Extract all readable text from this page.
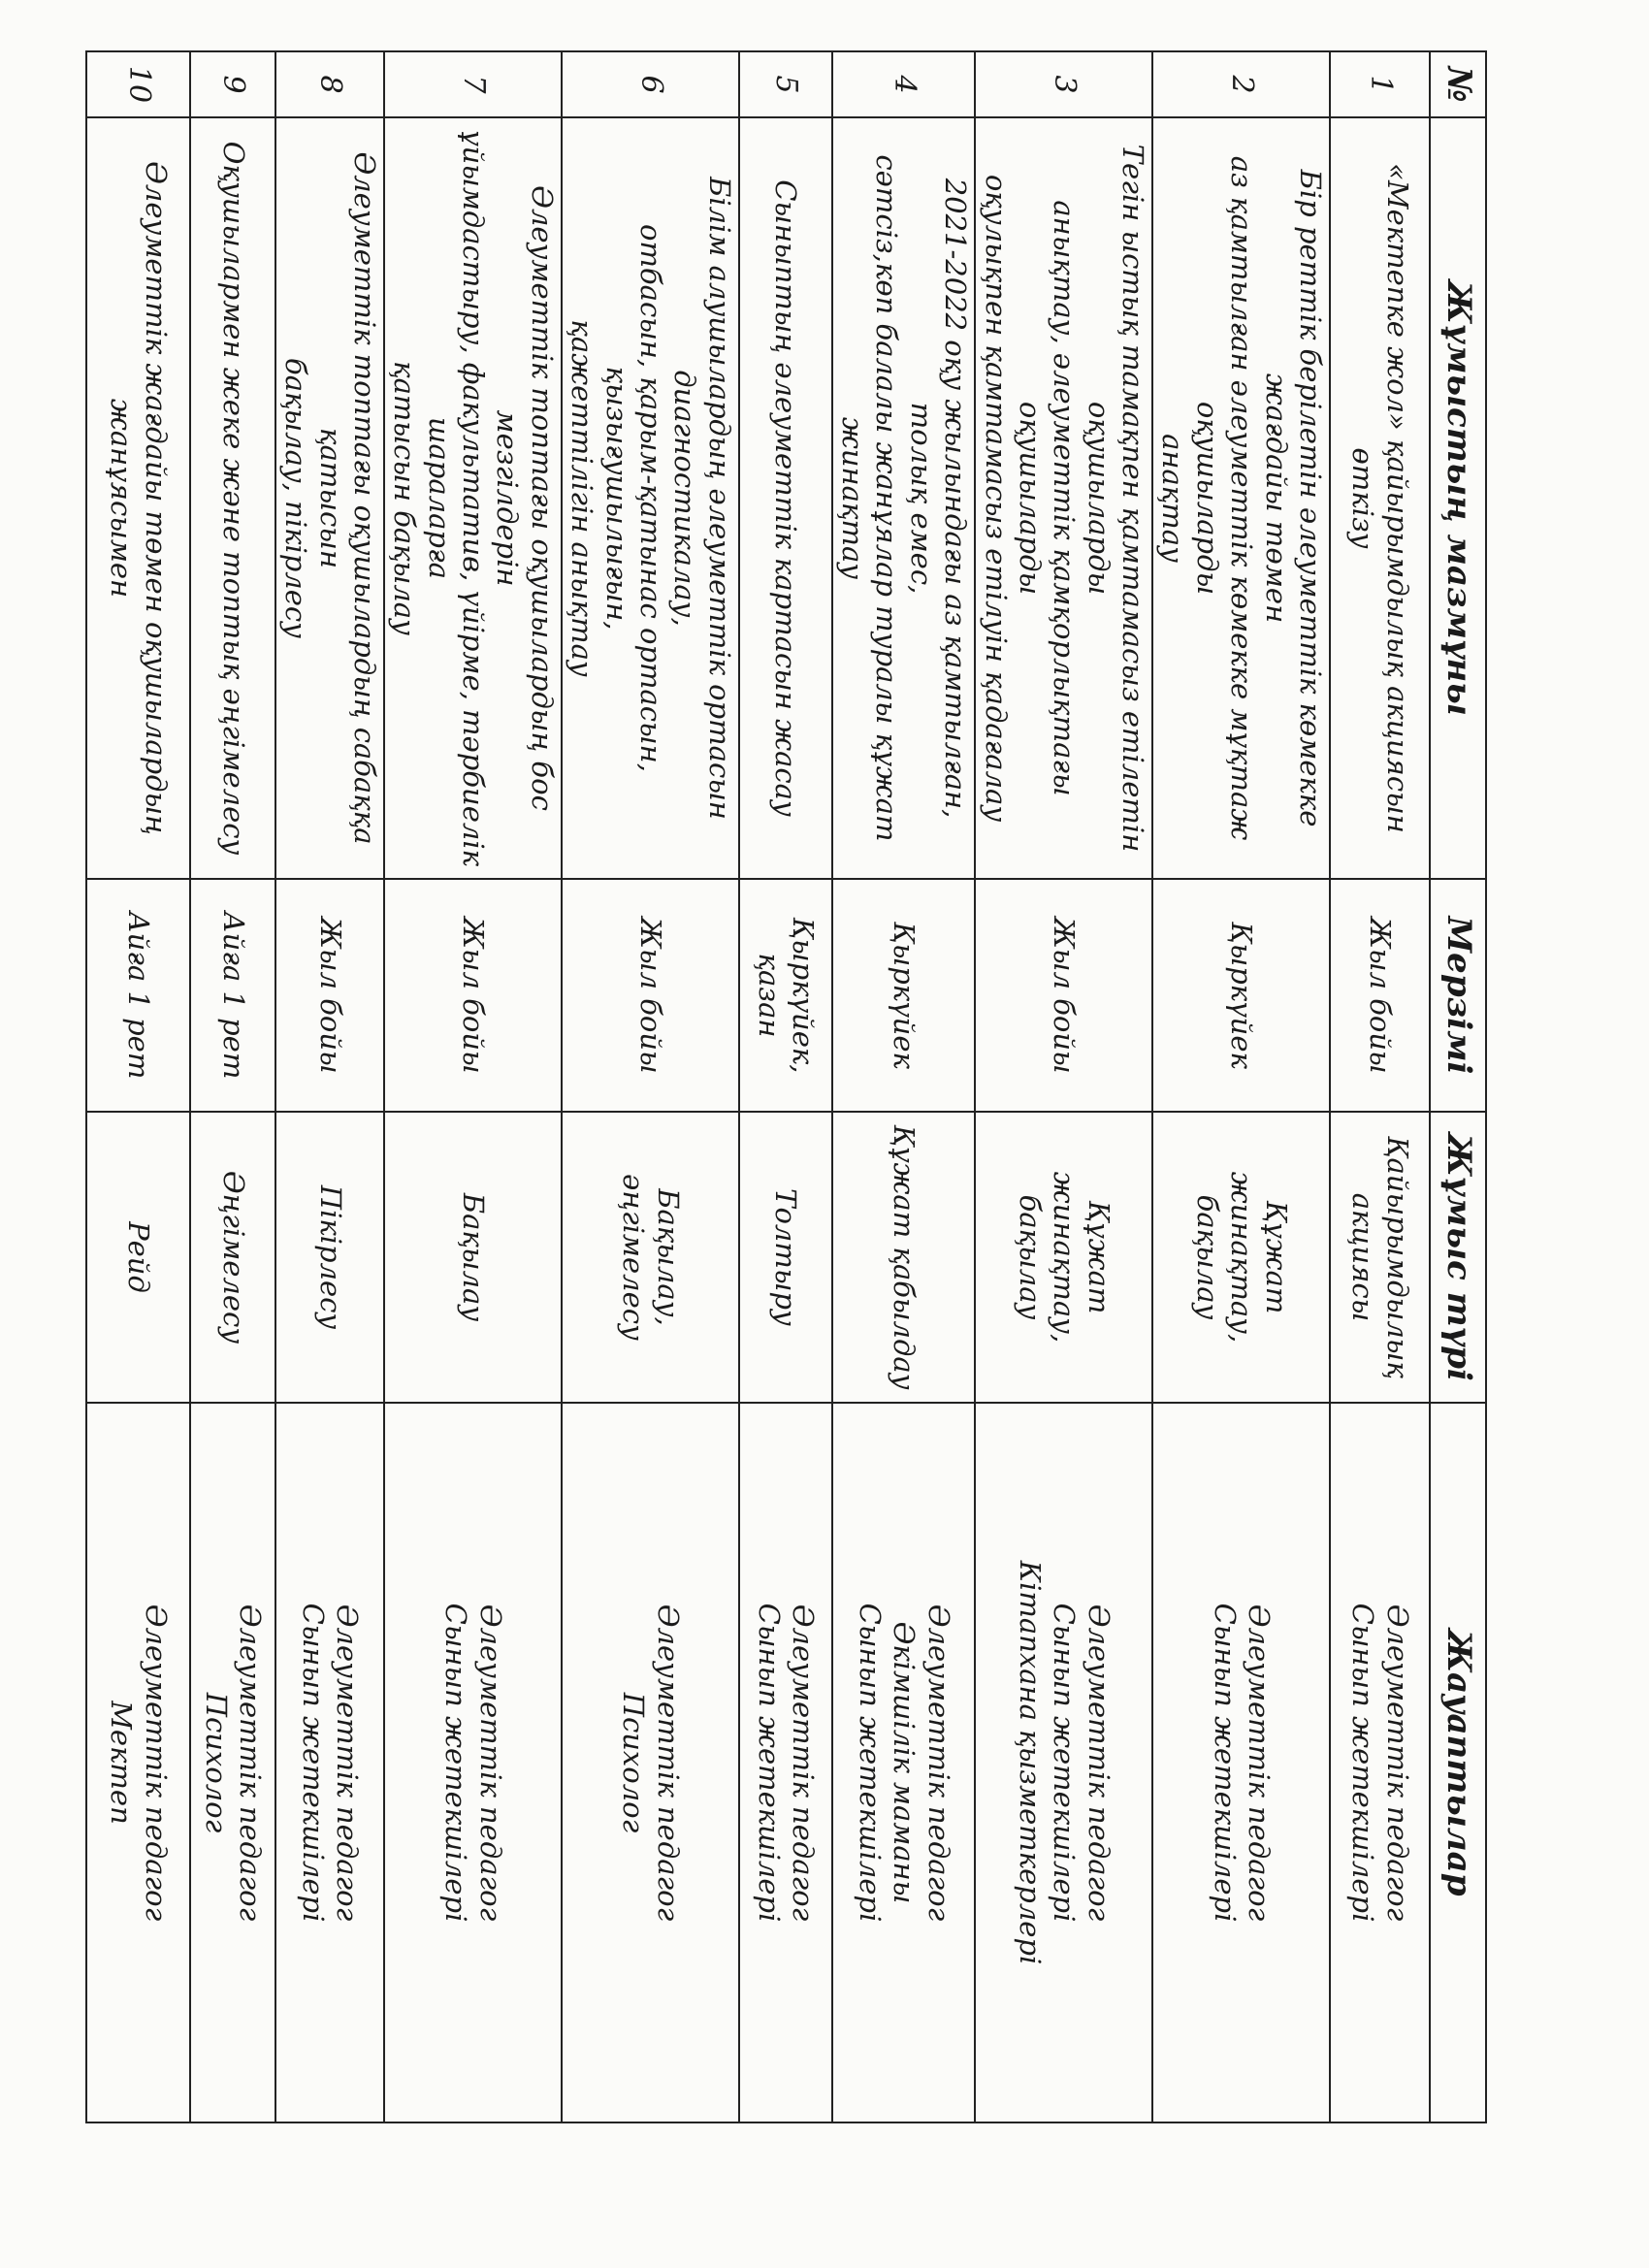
№	Жұмыстың мазмұны	Мерзімі	Жұмыс түрі	Жауаптылар
1	«Мектепке жол» қайырымдылық акциясын өткізу	Жыл бойы	Қайырымдылық
акциясы	Әлеуметтік педагог
Сынып жетекшілері

2	Бір реттік берілетін әлеуметтік көмекке жағдайы төмен
аз қамтылған әлеуметтік көмекке мұқтаж оқушыларды
анақтау	Қыркүйек	Құжат жинақтау,
бақылау	Әлеуметтік педагог
Сынып жетекшілері

3	Тегін ыстық тамақпен қамтамасыз етілетін оқушыларды
анықтау, әлеуметтік қамқорлықтағы оқушыларды
оқулықпен қамтамасыз етілуін қадағалау	Жыл бойы	Құжат жинақтау,
бақылау	Әлеуметтік педагог
Сынып жетекшілері
Кітапхана қызметкерлері

4	2021-2022 оқу жылындағы аз қамтылған, толық емес,
сәтсіз,көп балалы жанұялар туралы құжат жинақтау	Қыркүйек	Құжат қабылдау	Әлеуметтік педагог
Әкімшілік маманы
Сынып жетекшілері

5	Сыныптың әлеуметтік картасын жасау	Қыркүйек,
қазан	Толтыру	Әлеуметтік педагог
Сынып жетекшілері

6	Білім алушылардың әлеуметтік ортасын диагностикалау,
отбасын, қарым-қатынас ортасын, қызығушылығын,
қажеттілігін анықтау	Жыл бойы	Бақылау, әңгімелесу	Әлеуметтік педагог
Психолог

7	Әлеуметтік топтағы оқушылардың бос мезгілдерін
ұйымдастыру, факультатив, үйірме, тәрбиелік шараларға
қатысын бақылау	Жыл бойы	Бақылау	Әлеуметтік педагог
Сынып жетекшілері

8	Әлеуметтік топтағы оқушылардың сабаққа қатысын
бақылау, пікірлесу	Жыл бойы	Пікірлесу	Әлеуметтік педагог
Сынып жетекшілері

9	Оқушылармен жеке және топтық әңгімелесу	Айға 1 рет	Әңгімелесу	Әлеуметтік педагог
Психолог

10	Әлеуметтік жағдайы төмен оқушылардың жанұясымен	Айға 1 рет	Рейд	Әлеуметтік педагог
Мектеп
